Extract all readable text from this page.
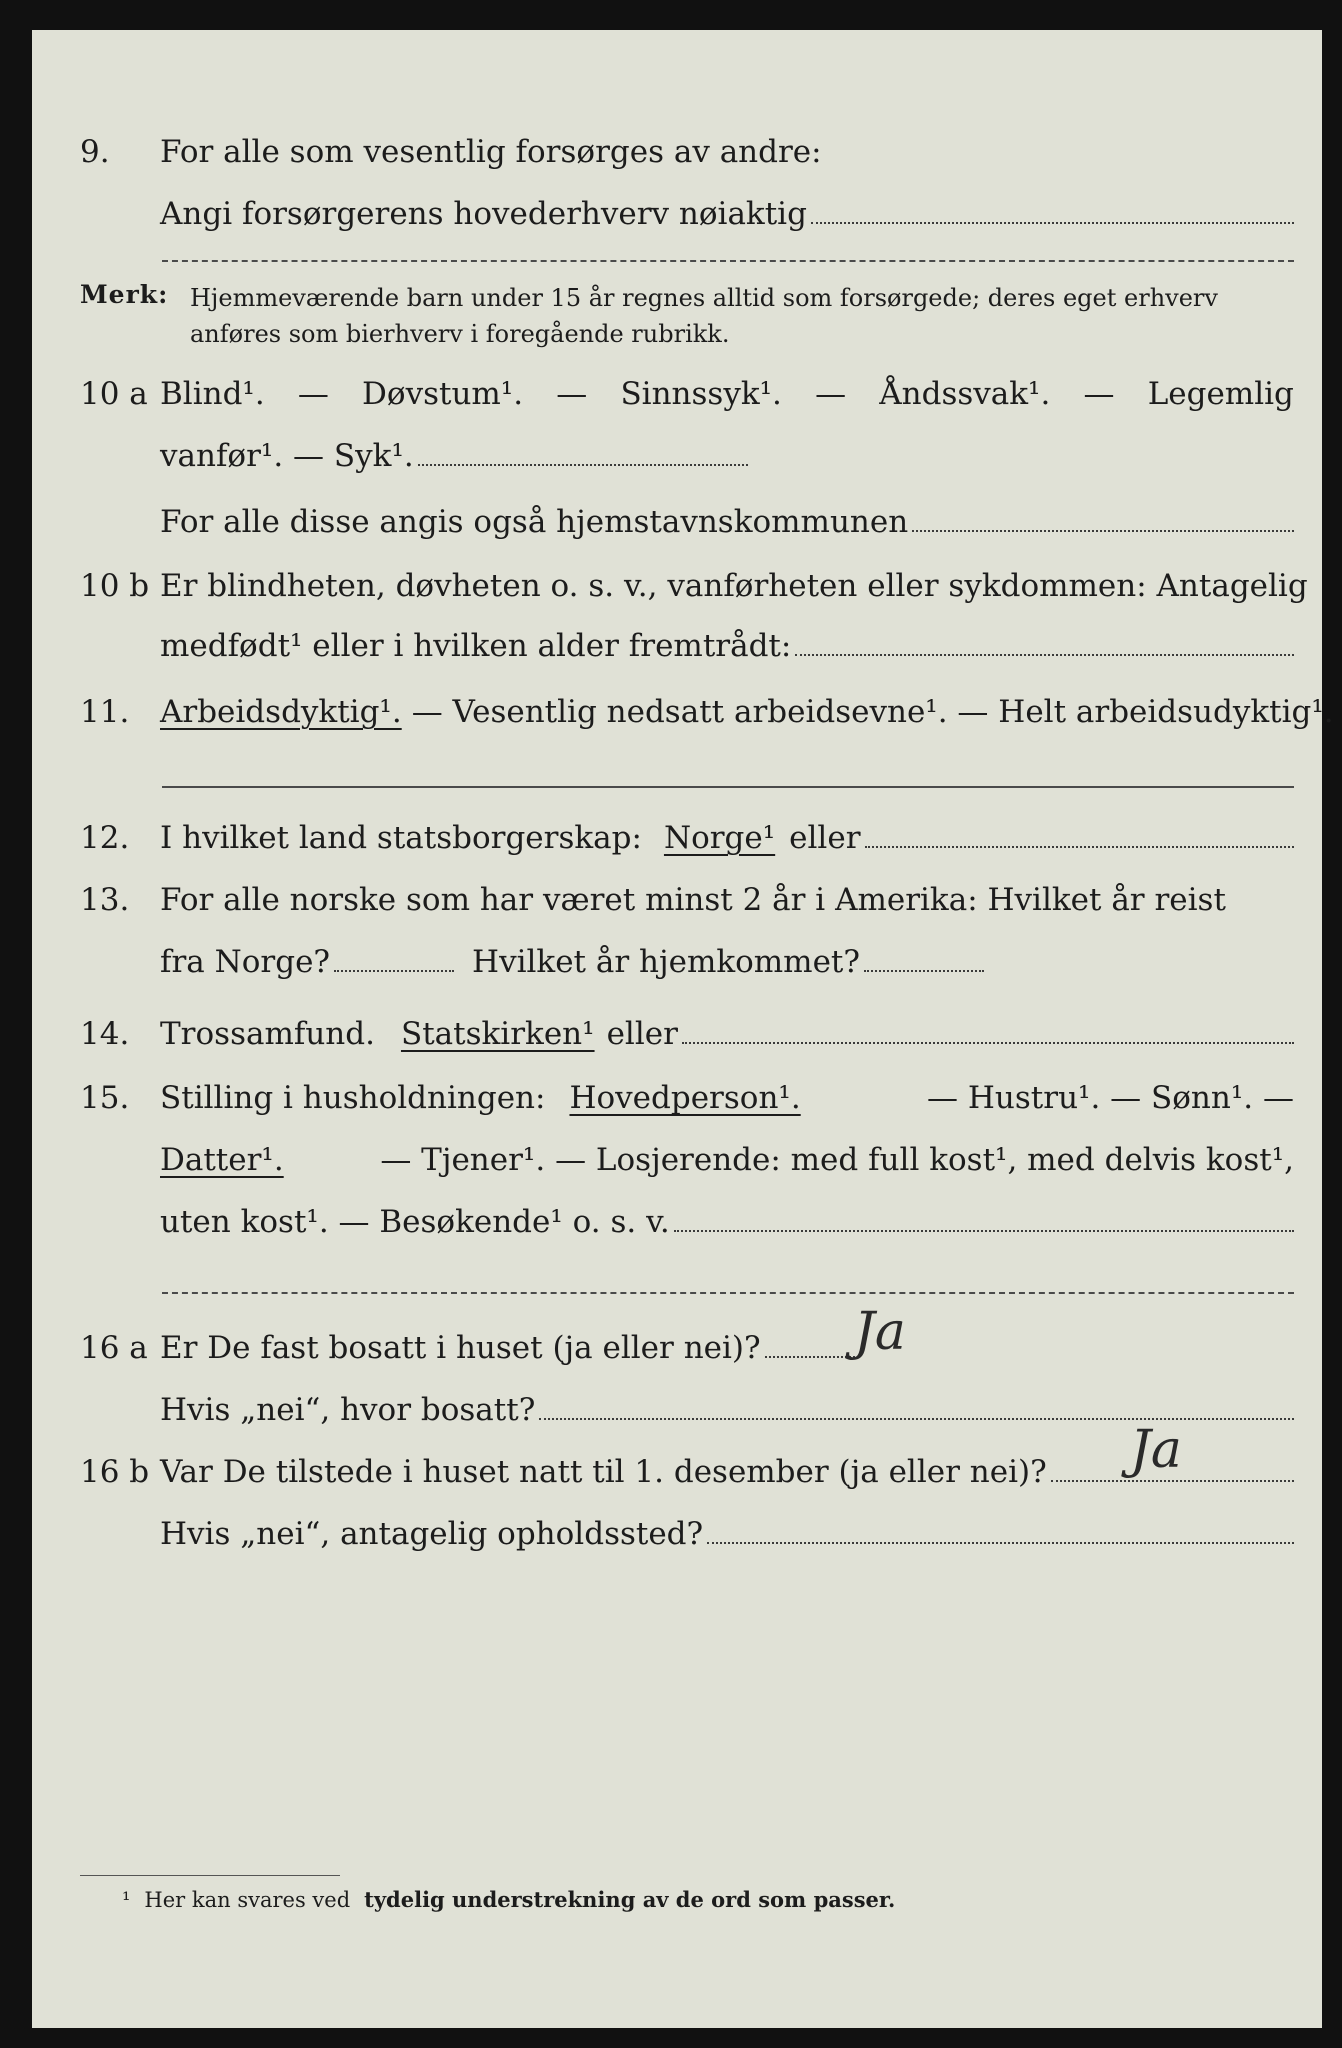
9. For alle som vesentlig forsørges av andre:
Angi forsørgerens hovederhverv nøiaktig
Merk: Hjemmeværende barn under 15 år regnes alltid som forsørgede; deres eget erhverv
anføres som bierhverv i foregående rubrikk.
10 a Blind¹. — Døvstum¹. — Sinnssyk¹. — Åndssvak¹. — Legemlig
vanfør¹. — Syk¹.
For alle disse angis også hjemstavnskommunen
10 b Er blindheten, døvheten o. s. v., vanførheten eller sykdommen: Antagelig
medfødt¹ eller i hvilken alder fremtrådt:
11. Arbeidsdyktig¹. — Vesentlig nedsatt arbeidsevne¹. — Helt arbeidsudyktig¹.
12. I hvilket land statsborgerskap: Norge¹ eller
13. For alle norske som har været minst 2 år i Amerika: Hvilket år reist
fra Norge?	Hvilket år hjemkommet?
14. Trossamfund. Statskirken¹ eller
15. Stilling i husholdningen: Hovedperson¹.	— Hustru¹. — Sønn¹. —
Datter¹.	— Tjener¹. — Losjerende: med full kost¹, med delvis kost¹,
uten kost¹. — Besøkende¹ o. s. v.
16 a Er De fast bosatt i huset (ja eller nei)? Ja
Hvis „nei“, hvor bosatt?
16 b Var De tilstede i huset natt til 1. desember (ja eller nei)? Ja
Hvis „nei“, antagelig opholdssted?
¹ Her kan svares ved tydelig understrekning av de ord som passer.
